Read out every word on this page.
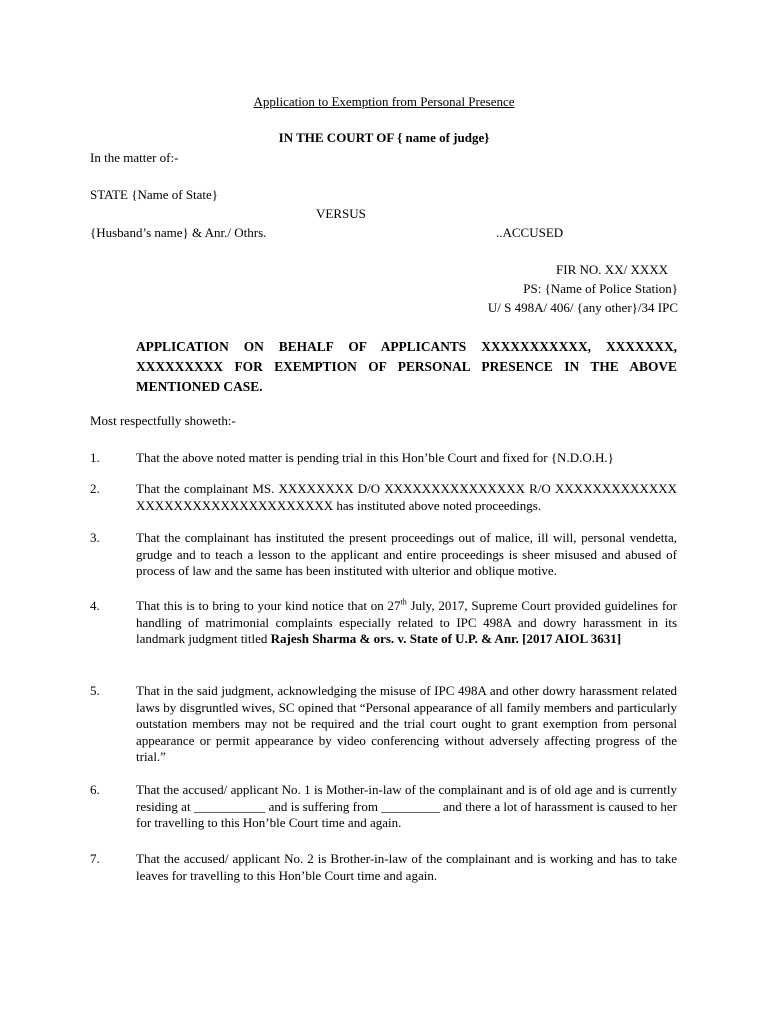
Application to Exemption from Personal Presence
IN THE COURT OF { name of judge}
In the matter of:-
STATE {Name of State}
VERSUS
{Husband’s name} & Anr./ Othrs.	..ACCUSED
FIR NO. XX/ XXXX
PS: {Name of Police Station}
U/ S 498A/ 406/ {any other}/34 IPC
APPLICATION ON BEHALF OF APPLICANTS XXXXXXXXXXX, XXXXXXX, XXXXXXXXX FOR EXEMPTION OF PERSONAL PRESENCE IN THE ABOVE MENTIONED CASE.
Most respectfully showeth:-
1.	That the above noted matter is pending trial in this Hon’ble Court and fixed for {N.D.O.H.}
2.	That the complainant MS. XXXXXXXX D/O XXXXXXXXXXXXXXX R/O XXXXXXXXXXXXXXXXXXXXXXXXXXXXXXXXXX has instituted above noted proceedings.
3.	That the complainant has instituted the present proceedings out of malice, ill will, personal vendetta, grudge and to teach a lesson to the applicant and entire proceedings is sheer misused and abused of process of law and the same has been instituted with ulterior and oblique motive.
4.	That this is to bring to your kind notice that on 27th July, 2017, Supreme Court provided guidelines for handling of matrimonial complaints especially related to IPC 498A and dowry harassment in its landmark judgment titled Rajesh Sharma & ors. v. State of U.P. & Anr. [2017 AIOL 3631]
5.	That in the said judgment, acknowledging the misuse of IPC 498A and other dowry harassment related laws by disgruntled wives, SC opined that “Personal appearance of all family members and particularly outstation members may not be required and the trial court ought to grant exemption from personal appearance or permit appearance by video conferencing without adversely affecting progress of the trial.”
6.	That the accused/ applicant No. 1 is Mother-in-law of the complainant and is of old age and is currently residing at ___________ and is suffering from _________ and there a lot of harassment is caused to her for travelling to this Hon’ble Court time and again.
7.	That the accused/ applicant No. 2 is Brother-in-law of the complainant and is working and has to take leaves for travelling to this Hon’ble Court time and again.
